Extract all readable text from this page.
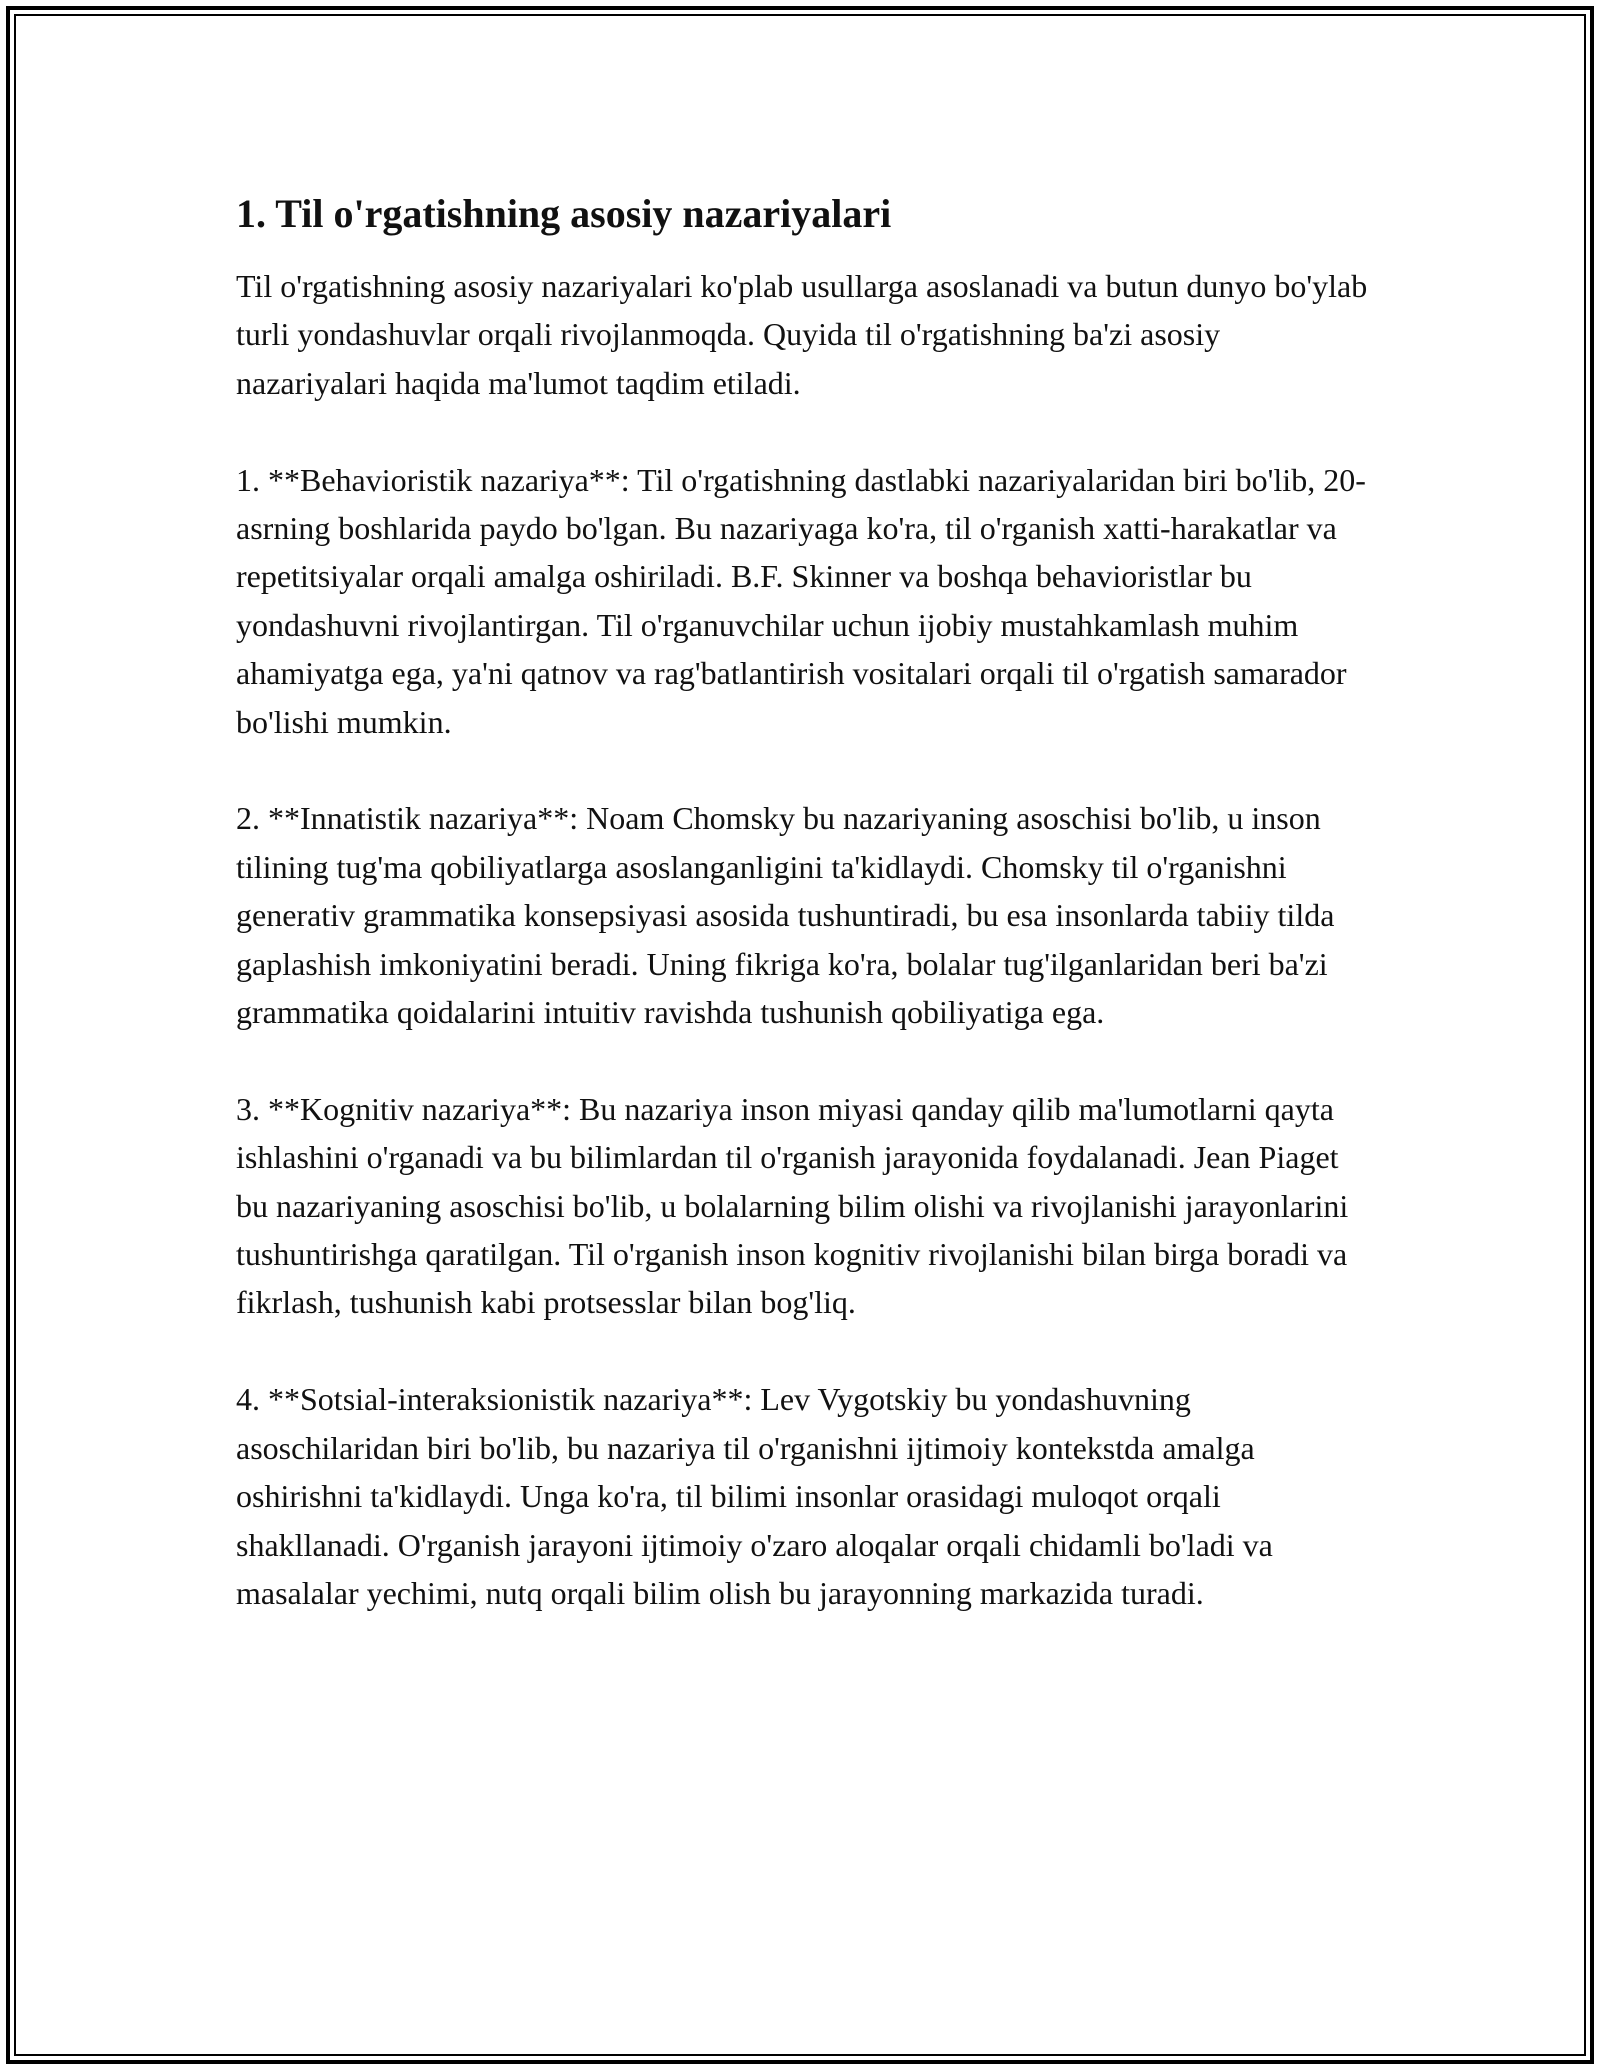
1. Til o'rgatishning asosiy nazariyalari

Til o'rgatishning asosiy nazariyalari ko'plab usullarga asoslanadi va butun dunyo bo'ylab turli yondashuvlar orqali rivojlanmoqda. Quyida til o'rgatishning ba'zi asosiy nazariyalari haqida ma'lumot taqdim etiladi.

1. **Behavioristik nazariya**: Til o'rgatishning dastlabki nazariyalaridan biri bo'lib, 20-asrning boshlarida paydo bo'lgan. Bu nazariyaga ko'ra, til o'rganish xatti-harakatlar va repetitsiyalar orqali amalga oshiriladi. B.F. Skinner va boshqa behavioristlar bu yondashuvni rivojlantirgan. Til o'rganuvchilar uchun ijobiy mustahkamlash muhim ahamiyatga ega, ya'ni qatnov va rag'batlantirish vositalari orqali til o'rgatish samarador bo'lishi mumkin.

2. **Innatistik nazariya**: Noam Chomsky bu nazariyaning asoschisi bo'lib, u inson tilining tug'ma qobiliyatlarga asoslanganligini ta'kidlaydi. Chomsky til o'rganishni generativ grammatika konsepsiyasi asosida tushuntiradi, bu esa insonlarda tabiiy tilda gaplashish imkoniyatini beradi. Uning fikriga ko'ra, bolalar tug'ilganlaridan beri ba'zi grammatika qoidalarini intuitiv ravishda tushunish qobiliyatiga ega.

3. **Kognitiv nazariya**: Bu nazariya inson miyasi qanday qilib ma'lumotlarni qayta ishlashini o'rganadi va bu bilimlardan til o'rganish jarayonida foydalanadi. Jean Piaget bu nazariyaning asoschisi bo'lib, u bolalarning bilim olishi va rivojlanishi jarayonlarini tushuntirishga qaratilgan. Til o'rganish inson kognitiv rivojlanishi bilan birga boradi va fikrlash, tushunish kabi protsesslar bilan bog'liq.

4. **Sotsial-interaksionistik nazariya**: Lev Vygotskiy bu yondashuvning asoschilaridan biri bo'lib, bu nazariya til o'rganishni ijtimoiy kontekstda amalga oshirishni ta'kidlaydi. Unga ko'ra, til bilimi insonlar orasidagi muloqot orqali shakllanadi. O'rganish jarayoni ijtimoiy o'zaro aloqalar orqali chidamli bo'ladi va masalalar yechimi, nutq orqali bilim olish bu jarayonning markazida turadi.
